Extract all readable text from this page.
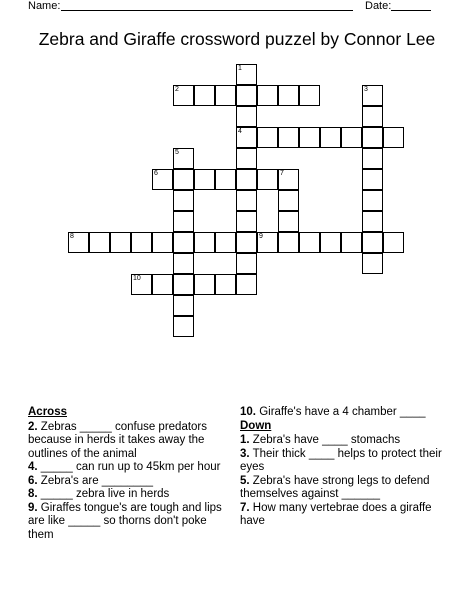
Name:	Date:
Zebra and Giraffe crossword puzzel by Connor Lee
1
4
2	3
5
6	7
8	9
10
Across
2. Zebras _____ confuse predators because in herds it takes away the outlines of the animal
4. _____ can run up to 45km per hour
6. Zebra's are ________
8. _____ zebra live in herds
9. Giraffes tongue's are tough and lips are like _____ so thorns don't poke them
10. Giraffe's have a 4 chamber ____
Down
1. Zebra's have ____ stomachs
3. Their thick ____ helps to protect their eyes
5. Zebra's have strong legs to defend themselves against ______
7. How many vertebrae does a giraffe have
